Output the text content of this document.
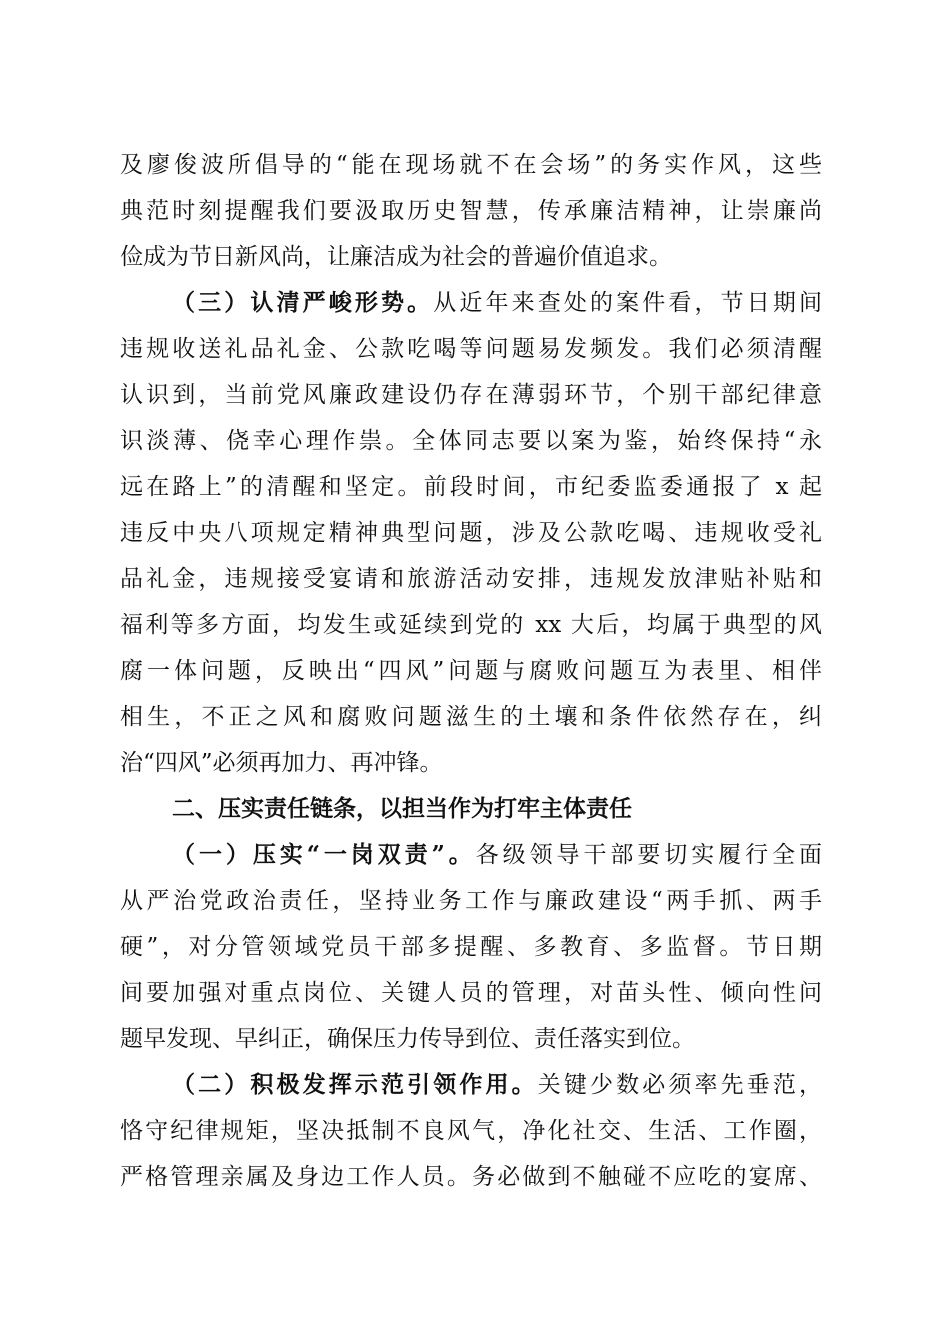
及廖俊波所倡导的“能在现场就不在会场”的务实作风，这些
典范时刻提醒我们要汲取历史智慧，传承廉洁精神，让崇廉尚
俭成为节日新风尚，让廉洁成为社会的普遍价值追求。
（三）认清严峻形势。从近年来查处的案件看，节日期间
违规收送礼品礼金、公款吃喝等问题易发频发。我们必须清醒
认识到，当前党风廉政建设仍存在薄弱环节，个别干部纪律意
识淡薄、侥幸心理作祟。全体同志要以案为鉴，始终保持“永
远在路上”的清醒和坚定。前段时间，市纪委监委通报了 x 起
违反中央八项规定精神典型问题，涉及公款吃喝、违规收受礼
品礼金，违规接受宴请和旅游活动安排，违规发放津贴补贴和
福利等多方面，均发生或延续到党的 xx 大后，均属于典型的风
腐一体问题，反映出“四风”问题与腐败问题互为表里、相伴
相生，不正之风和腐败问题滋生的土壤和条件依然存在，纠
治“四风”必须再加力、再冲锋。
二、压实责任链条，以担当作为打牢主体责任
（一）压实“一岗双责”。各级领导干部要切实履行全面
从严治党政治责任，坚持业务工作与廉政建设“两手抓、两手
硬”，对分管领域党员干部多提醒、多教育、多监督。节日期
间要加强对重点岗位、关键人员的管理，对苗头性、倾向性问
题早发现、早纠正，确保压力传导到位、责任落实到位。
（二）积极发挥示范引领作用。关键少数必须率先垂范，
恪守纪律规矩，坚决抵制不良风气，净化社交、生活、工作圈，
严格管理亲属及身边工作人员。务必做到不触碰不应吃的宴席、
